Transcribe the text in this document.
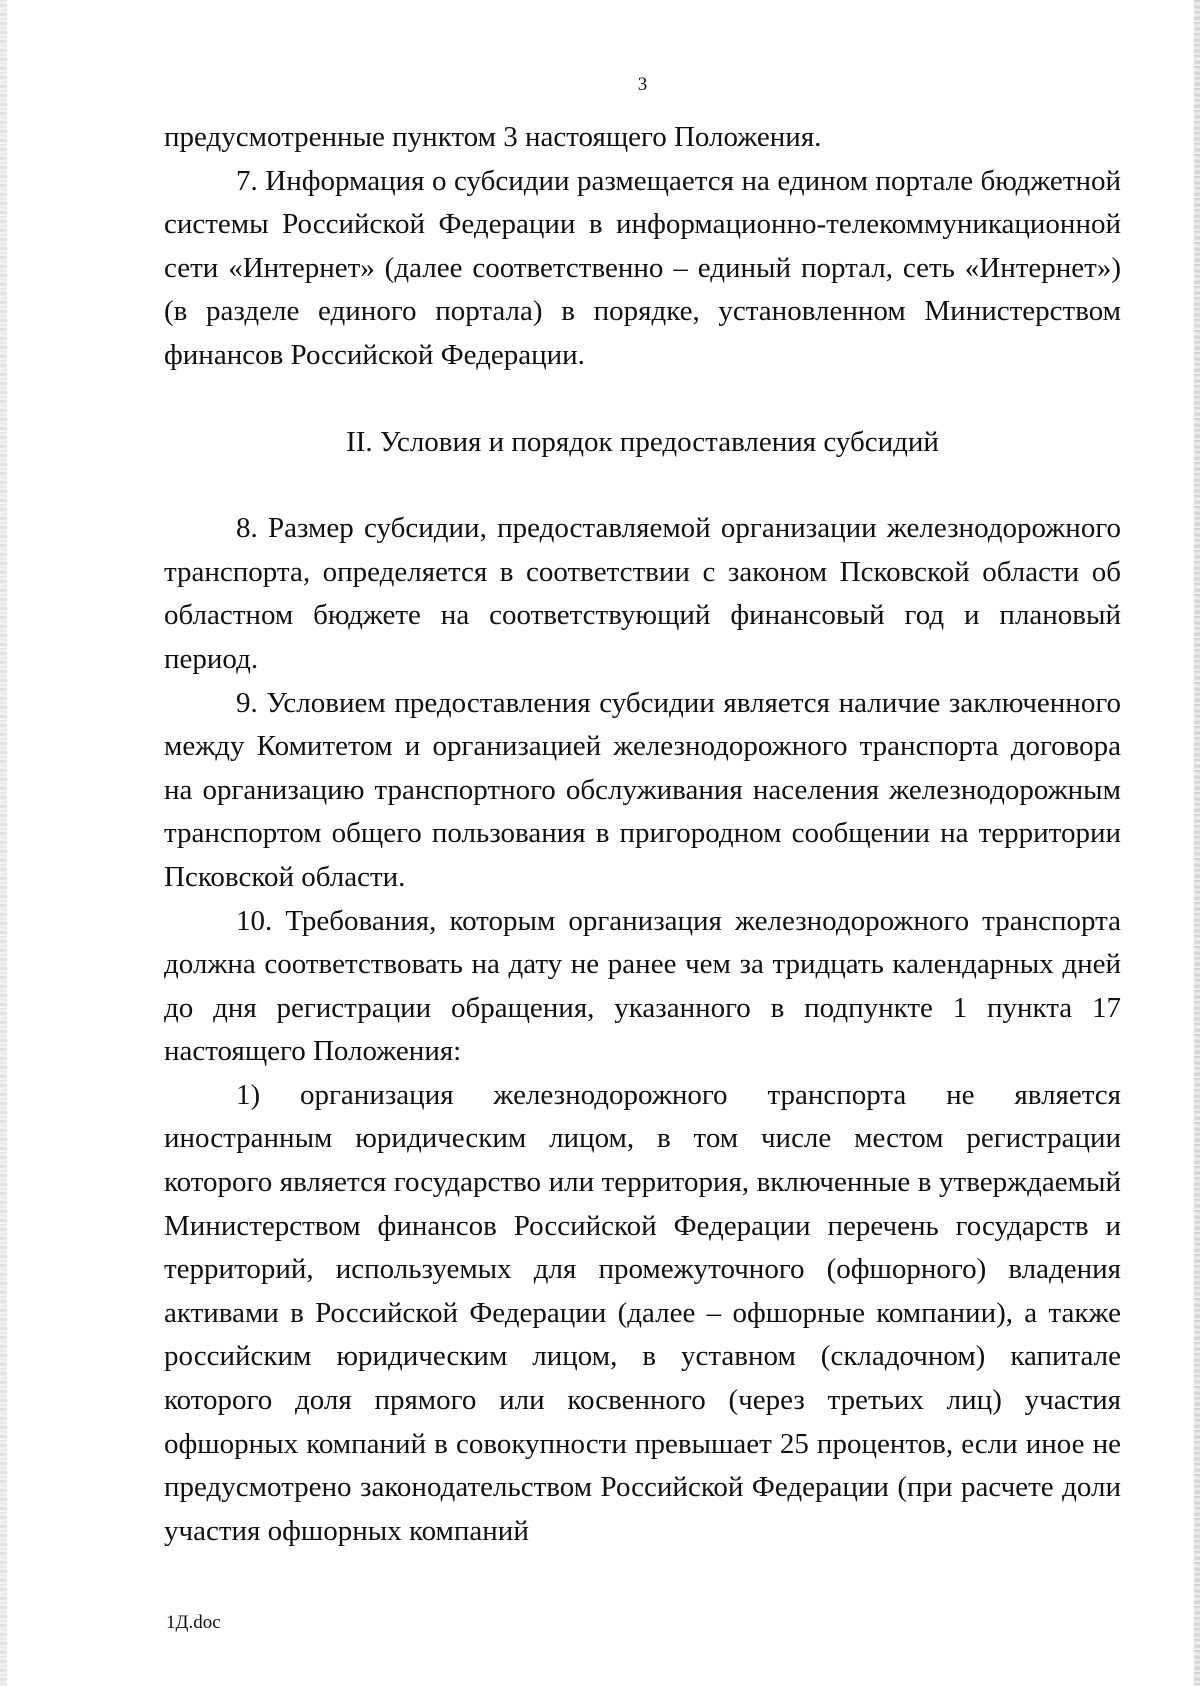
3

предусмотренные пунктом 3 настоящего Положения.

7. Информация о субсидии размещается на едином портале бюджетной системы Российской Федерации в информационно-телекоммуникационной сети «Интернет» (далее соответственно – единый портал, сеть «Интернет») (в разделе единого портала) в порядке, установленном Министерством финансов Российской Федерации.

II. Условия и порядок предоставления субсидий

8. Размер субсидии, предоставляемой организации железнодорожного транспорта, определяется в соответствии с законом Псковской области об областном бюджете на соответствующий финансовый год и плановый период.

9. Условием предоставления субсидии является наличие заключенного между Комитетом и организацией железнодорожного транспорта договора на организацию транспортного обслуживания населения железнодорожным транспортом общего пользования в пригородном сообщении на территории Псковской области.

10. Требования, которым организация железнодорожного транспорта должна соответствовать на дату не ранее чем за тридцать календарных дней до дня регистрации обращения, указанного в подпункте 1 пункта 17 настоящего Положения:

1) организация железнодорожного транспорта не является иностранным юридическим лицом, в том числе местом регистрации которого является государство или территория, включенные в утверждаемый Министерством финансов Российской Федерации перечень государств и территорий, используемых для промежуточного (офшорного) владения активами в Российской Федерации (далее – офшорные компании), а также российским юридическим лицом, в уставном (складочном) капитале которого доля прямого или косвенного (через третьих лиц) участия офшорных компаний в совокупности превышает 25 процентов, если иное не предусмотрено законодательством Российской Федерации (при расчете доли участия офшорных компаний

1Д.doc
